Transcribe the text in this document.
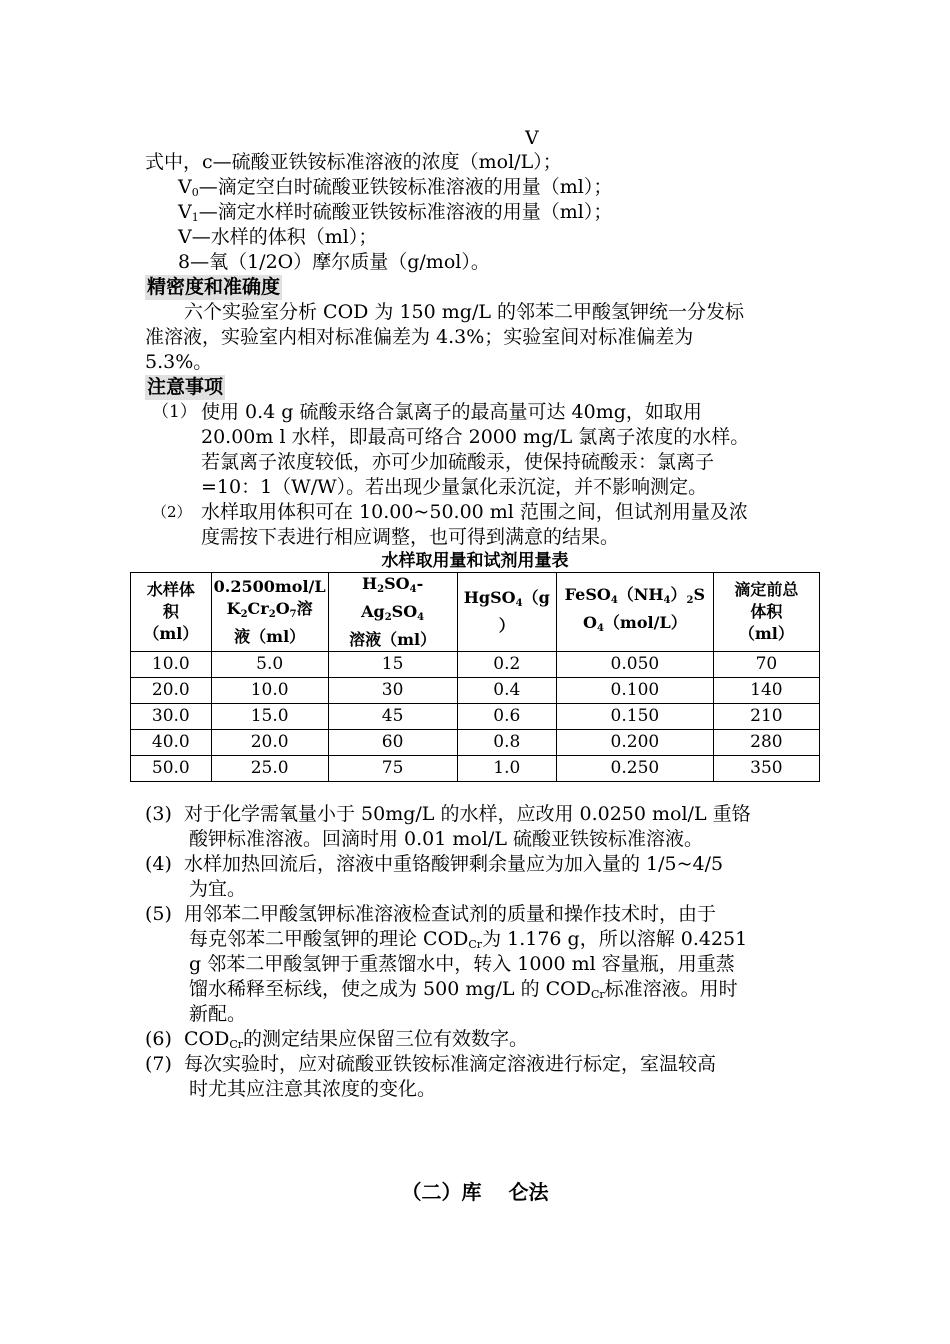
V
式中，c—硫酸亚铁铵标准溶液的浓度（mol/L）；
$V_0—$滴定空白时硫酸亚铁铵标准溶液的用量（ml）；
$V_1—$滴定水样时硫酸亚铁铵标准溶液的用量（ml）；
V—水样的体积（ml）；
8—氧（1/2O）摩尔质量（g/mol）。
精密度和准确度
六个实验室分析 COD 为 150 mg/L 的邻苯二甲酸氢钾统一分发标
准溶液，实验室内相对标准偏差为 4.3%；实验室间对标准偏差为
5.3%。
注意事项
（1） 使用 0.4 g 硫酸汞络合氯离子的最高量可达 40mg，如取用
20.00m l 水样，即最高可络合 2000 mg/L 氯离子浓度的水样。
若氯离子浓度较低，亦可少加硫酸汞，使保持硫酸汞：氯离子
=10：1（W/W）。若出现少量氯化汞沉淀，并不影响测定。
（2） 水样取用体积可在 10.00~50.00 ml 范围之间，但试剂用量及浓
度需按下表进行相应调整，也可得到满意的结果。
水样取用量和试剂用量表
水样体
积
（ml）	0.2500mol/L
K2Cr2O7溶
液（ml）	H2SO4-
Ag2SO4
溶液（ml）	HgSO4（g
）	FeSO4（NH4）2S
O4（mol/L）	滴定前总
体积
（ml）
10.0	5.0	15	0.2	0.050	70
20.0	10.0	30	0.4	0.100	140
30.0	15.0	45	0.6	0.150	210
40.0	20.0	60	0.8	0.200	280
50.0	25.0	75	1.0	0.250	350
(3) 对于化学需氧量小于 50mg/L 的水样，应改用 0.0250 mol/L 重铬
酸钾标准溶液。回滴时用 0.01 mol/L 硫酸亚铁铵标准溶液。
(4) 水样加热回流后，溶液中重铬酸钾剩余量应为加入量的 1/5~4/5
为宜。
(5) 用邻苯二甲酸氢钾标准溶液检查试剂的质量和操作技术时，由于
每克邻苯二甲酸氢钾的理论 $COD_{Cr}$为 1.176 g，所以溶解 0.4251
g 邻苯二甲酸氢钾于重蒸馏水中，转入 1000 ml 容量瓶，用重蒸
馏水稀释至标线，使之成为 500 mg/L 的 $COD_{Cr}$标准溶液。用时
新配。
(6) $COD_{Cr}$的测定结果应保留三位有效数字。
(7) 每次实验时，应对硫酸亚铁铵标准滴定溶液进行标定，室温较高
时尤其应注意其浓度的变化。
（二）库　 仑法
